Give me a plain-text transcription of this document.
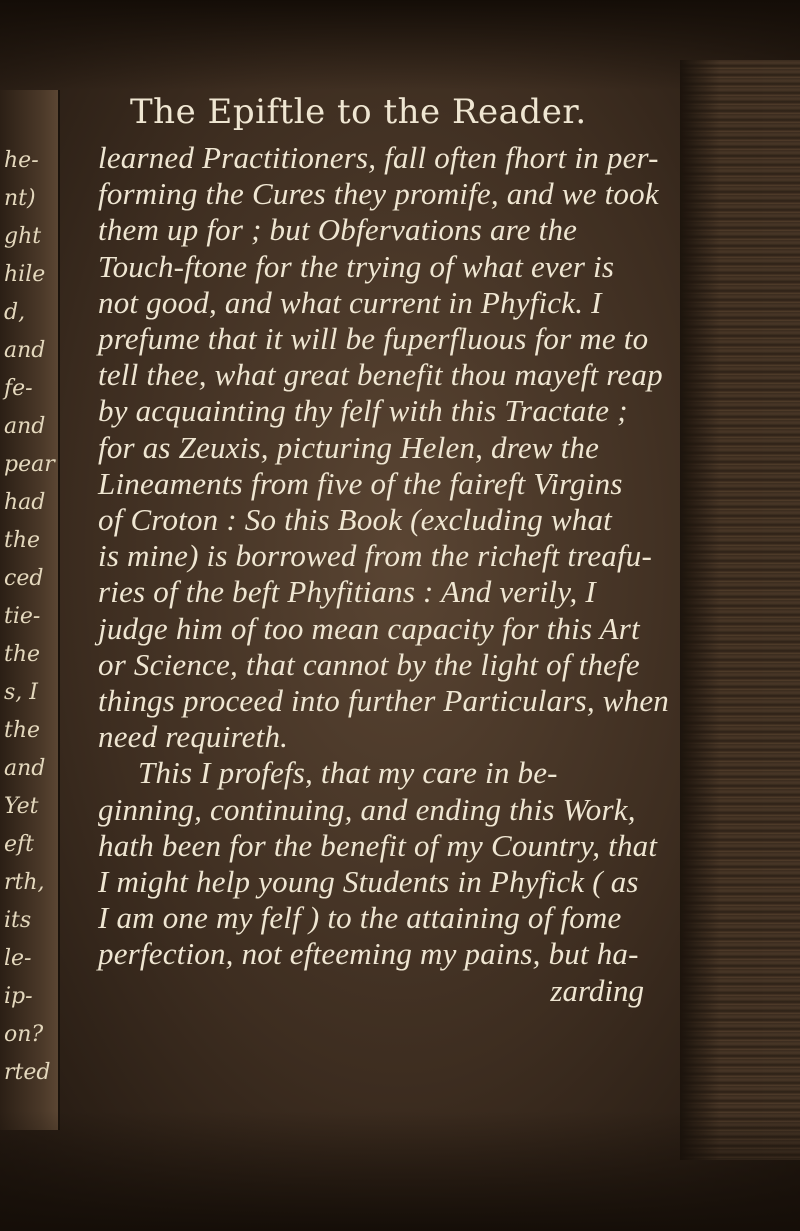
he-
nt)
ght
hile
d,
and
fe-
and
pear
had
the
ced
tie-
the
s, I
the
and
Yet
eft
rth,
its
le-
ip-
on?
rted
The Epiftle to the Reader.
learned Practitioners, fall often fhort in per-
forming the Cures they promife, and we took
them up for ; but Obfervations are the
Touch-ftone for the trying of what ever is
not good, and what current in Phyfick. I
prefume that it will be fuperfluous for me to
tell thee, what great benefit thou mayeft reap
by acquainting thy felf with this Tractate ;
for as Zeuxis, picturing Helen, drew the
Lineaments from five of the faireft Virgins
of Croton : So this Book (excluding what
is mine) is borrowed from the richeft treafu-
ries of the beft Phyfitians : And verily, I
judge him of too mean capacity for this Art
or Science, that cannot by the light of thefe
things proceed into further Particulars, when
need requireth.
This I profefs, that my care in be-
ginning, continuing, and ending this Work,
hath been for the benefit of my Country, that
I might help young Students in Phyfick ( as
I am one my felf ) to the attaining of fome
perfection, not efteeming my pains, but ha-
zarding
